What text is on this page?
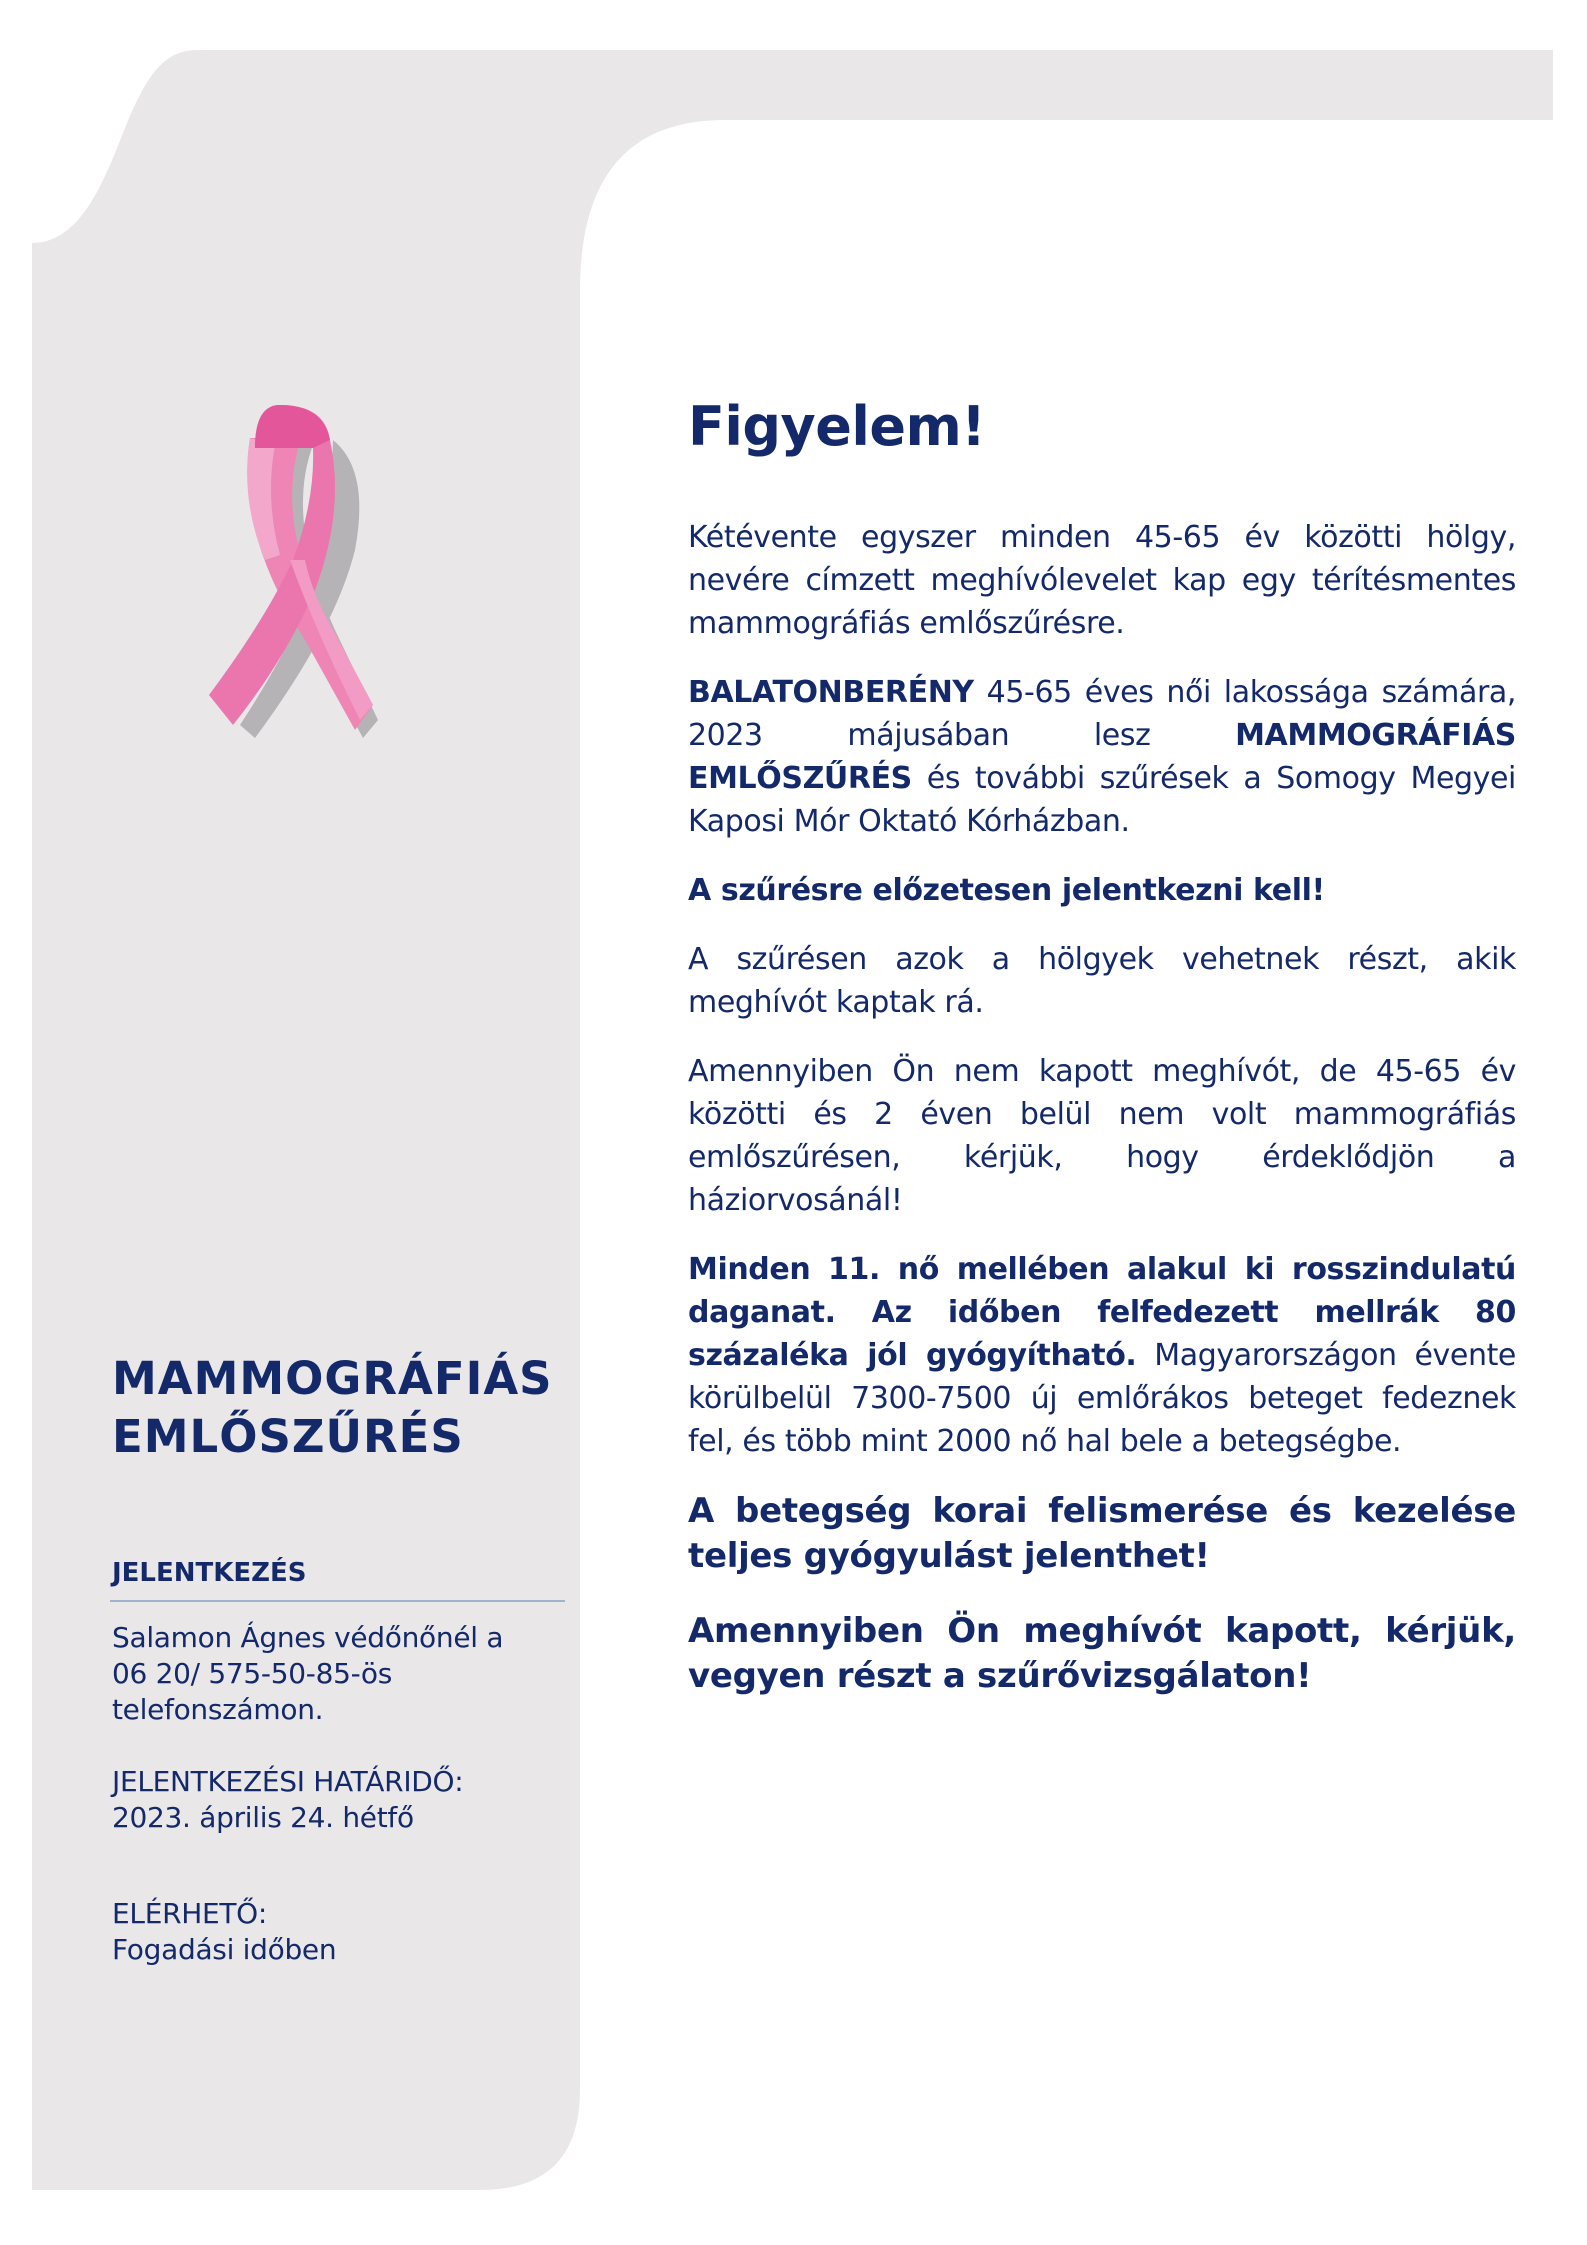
Figyelem!

Kétévente egyszer minden 45-65 év közötti hölgy, nevére címzett meghívólevelet kap egy térítésmentes mammográfiás emlőszűrésre.

BALATONBERÉNY 45-65 éves női lakossága számára, 2023 májusában lesz MAMMOGRÁFIÁS EMLŐSZŰRÉS és további szűrések a Somogy Megyei Kaposi Mór Oktató Kórházban.

A szűrésre előzetesen jelentkezni kell!

A szűrésen azok a hölgyek vehetnek részt, akik meghívót kaptak rá.

Amennyiben Ön nem kapott meghívót, de 45-65 év közötti és 2 éven belül nem volt mammográfiás emlőszűrésen, kérjük, hogy érdeklődjön a háziorvosánál!

Minden 11. nő mellében alakul ki rosszindulatú daganat. Az időben felfedezett mellrák 80 százaléka jól gyógyítható. Magyarországon évente körülbelül 7300-7500 új emlőrákos beteget fedeznek fel, és több mint 2000 nő hal bele a betegségbe.

A betegség korai felismerése és kezelése teljes gyógyulást jelenthet!

Amennyiben Ön meghívót kapott, kérjük, vegyen részt a szűrővizsgálaton!

MAMMOGRÁFIÁS
EMLŐSZŰRÉS
JELENTKEZÉS
Salamon Ágnes védőnőnél a
06 20/ 575-50-85-ös
telefonszámon.
JELENTKEZÉSI HATÁRIDŐ:
2023. április 24. hétfő
ELÉRHETŐ:
Fogadási időben
